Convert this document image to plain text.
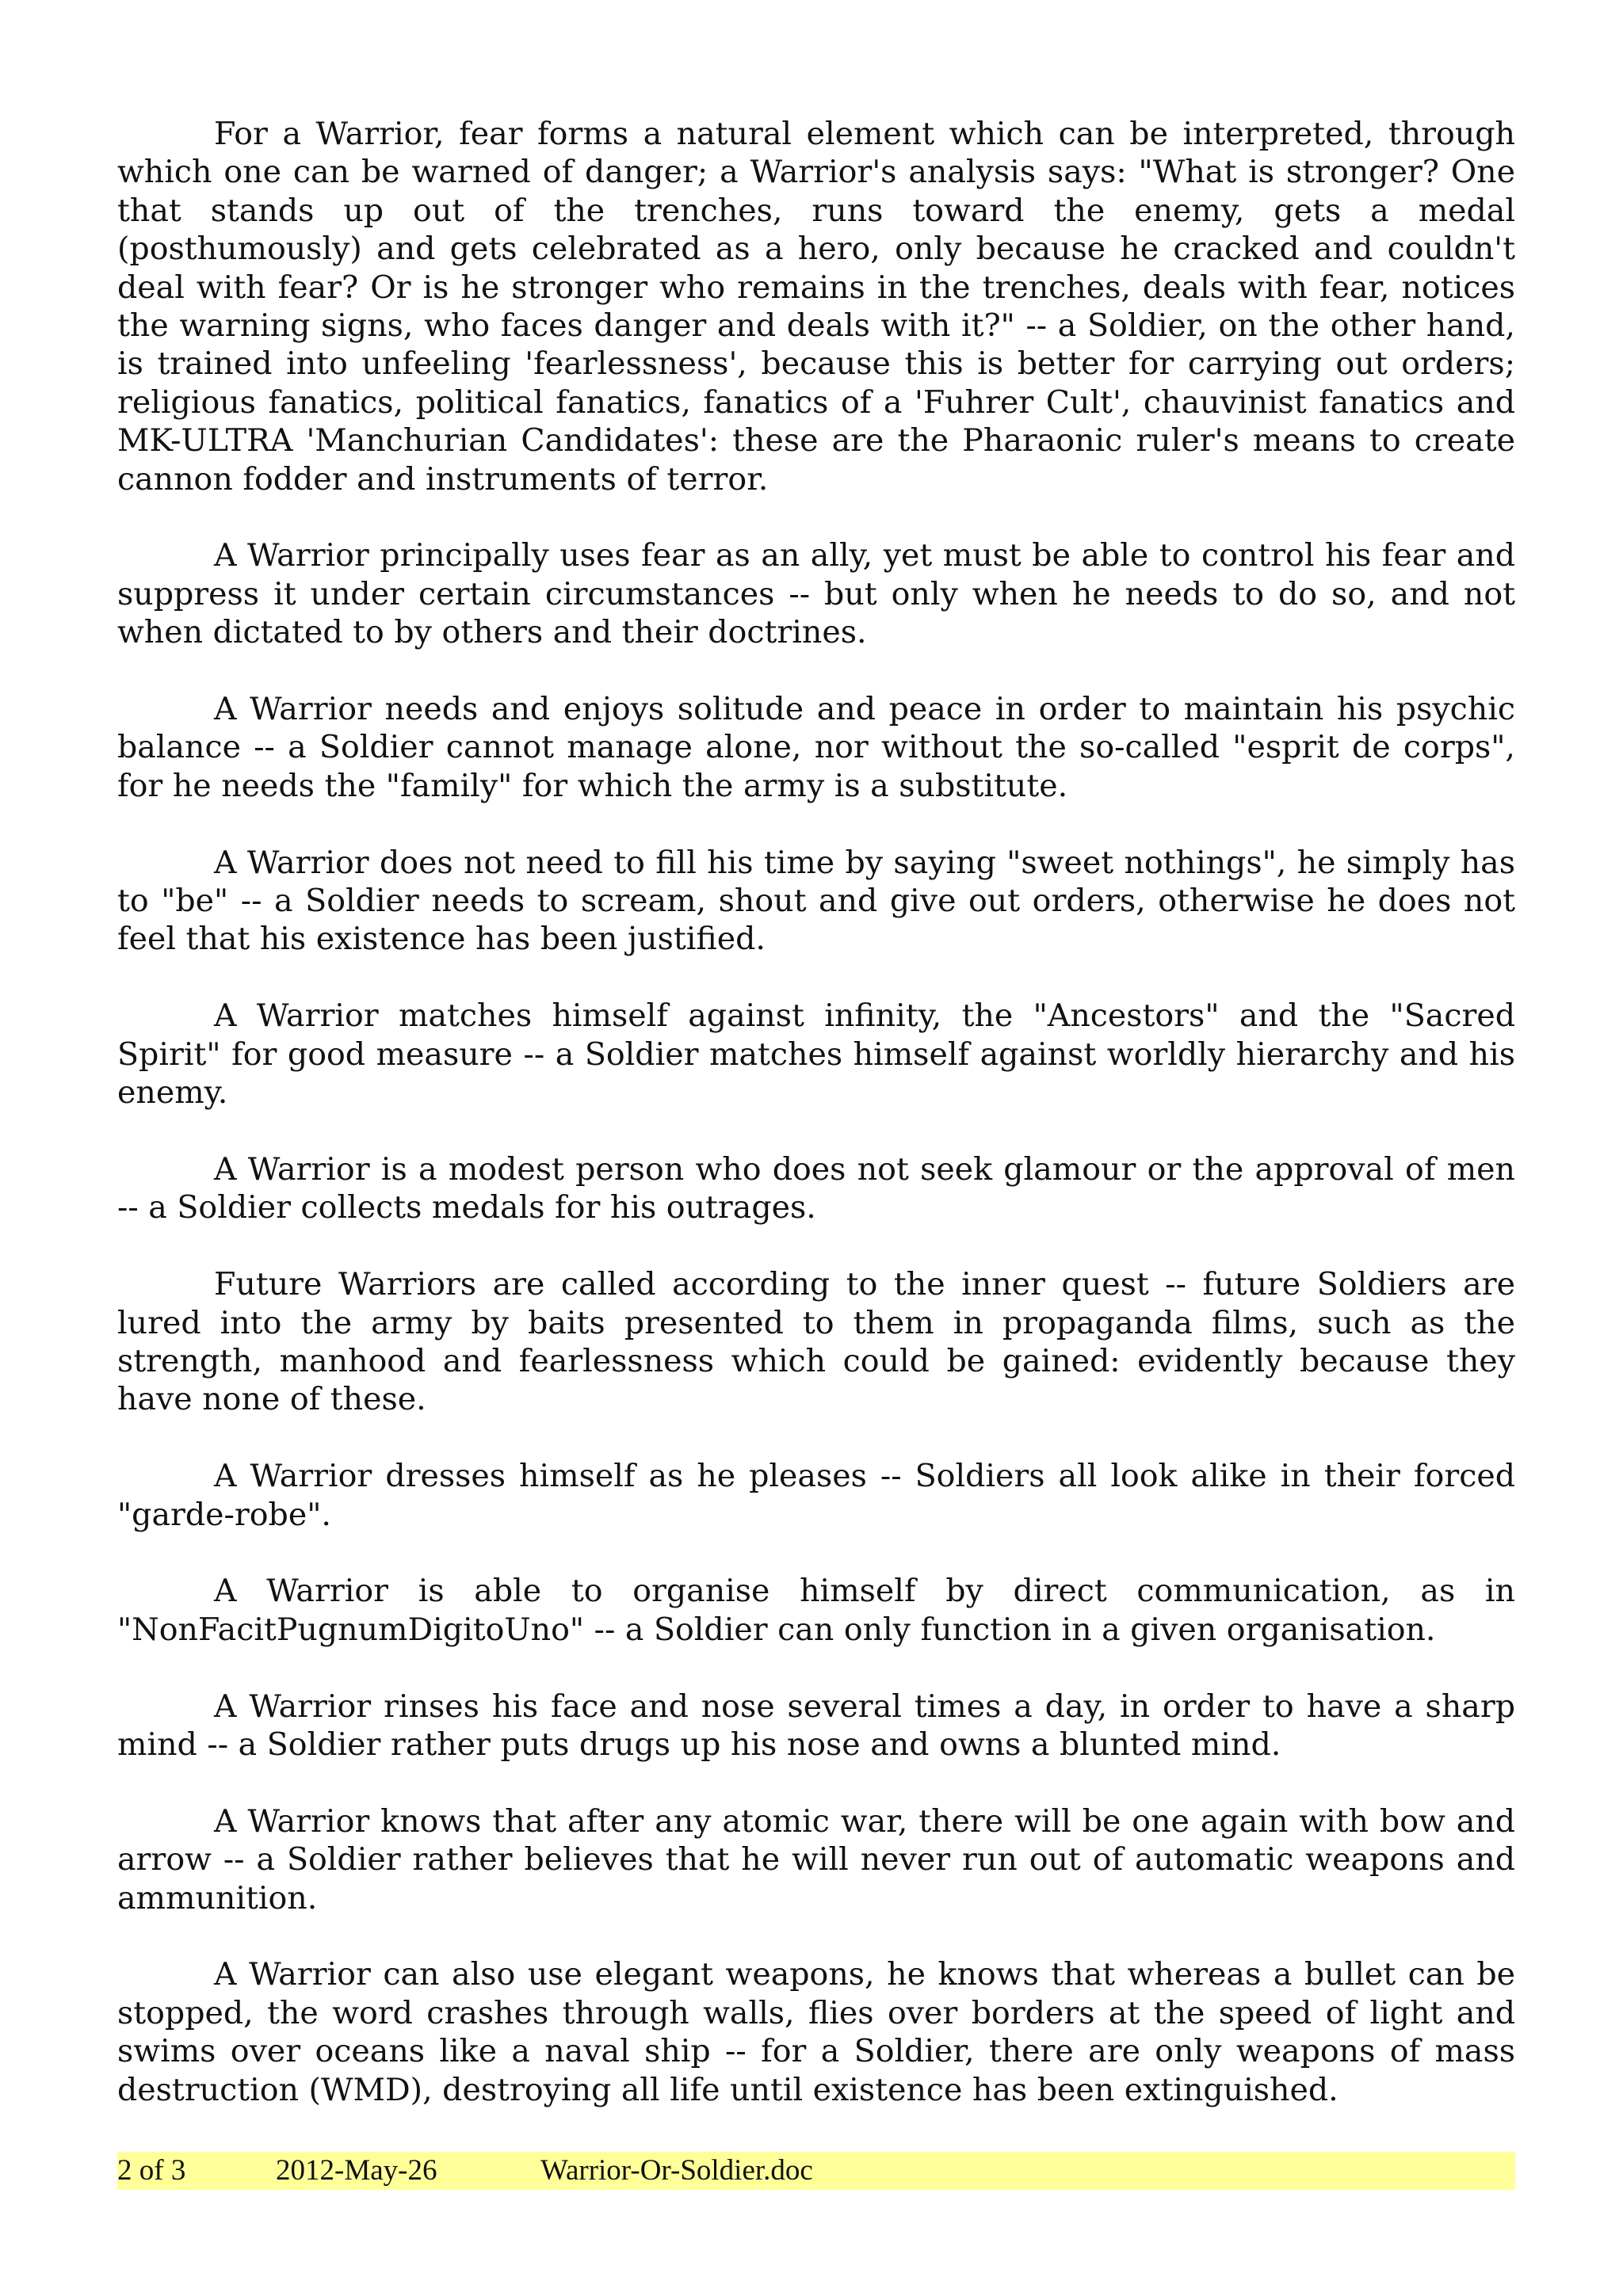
For a Warrior, fear forms a natural element which can be interpreted, through which one can be warned of danger; a Warrior's analysis says: "What is stronger? One that stands up out of the trenches, runs toward the enemy, gets a medal (posthumously) and gets celebrated as a hero, only because he cracked and couldn't deal with fear? Or is he stronger who remains in the trenches, deals with fear, notices the warning signs, who faces danger and deals with it?" -- a Soldier, on the other hand, is trained into unfeeling 'fearlessness', because this is better for carrying out orders; religious fanatics, political fanatics, fanatics of a 'Fuhrer Cult', chauvinist fanatics and MK-ULTRA 'Manchurian Candidates': these are the Pharaonic ruler's means to create cannon fodder and instruments of terror.

A Warrior principally uses fear as an ally, yet must be able to control his fear and suppress it under certain circumstances -- but only when he needs to do so, and not when dictated to by others and their doctrines.

A Warrior needs and enjoys solitude and peace in order to maintain his psychic balance -- a Soldier cannot manage alone, nor without the so-called "esprit de corps", for he needs the "family" for which the army is a substitute.

A Warrior does not need to fill his time by saying "sweet nothings", he simply has to "be" -- a Soldier needs to scream, shout and give out orders, otherwise he does not feel that his existence has been justified.

A Warrior matches himself against infinity, the "Ancestors" and the "Sacred Spirit" for good measure -- a Soldier matches himself against worldly hierarchy and his enemy.

A Warrior is a modest person who does not seek glamour or the approval of men -- a Soldier collects medals for his outrages.

Future Warriors are called according to the inner quest -- future Soldiers are lured into the army by baits presented to them in propaganda films, such as the strength, manhood and fearlessness which could be gained: evidently because they have none of these.

A Warrior dresses himself as he pleases -- Soldiers all look alike in their forced "garde-robe".

A Warrior is able to organise himself by direct communication, as in "NonFacitPugnumDigitoUno" -- a Soldier can only function in a given organisation.

A Warrior rinses his face and nose several times a day, in order to have a sharp mind -- a Soldier rather puts drugs up his nose and owns a blunted mind.

A Warrior knows that after any atomic war, there will be one again with bow and arrow -- a Soldier rather believes that he will never run out of automatic weapons and ammunition.

A Warrior can also use elegant weapons, he knows that whereas a bullet can be stopped, the word crashes through walls, flies over borders at the speed of light and swims over oceans like a naval ship -- for a Soldier, there are only weapons of mass destruction (WMD), destroying all life until existence has been extinguished.

2 of 3	2012-May-26	Warrior-Or-Soldier.doc
